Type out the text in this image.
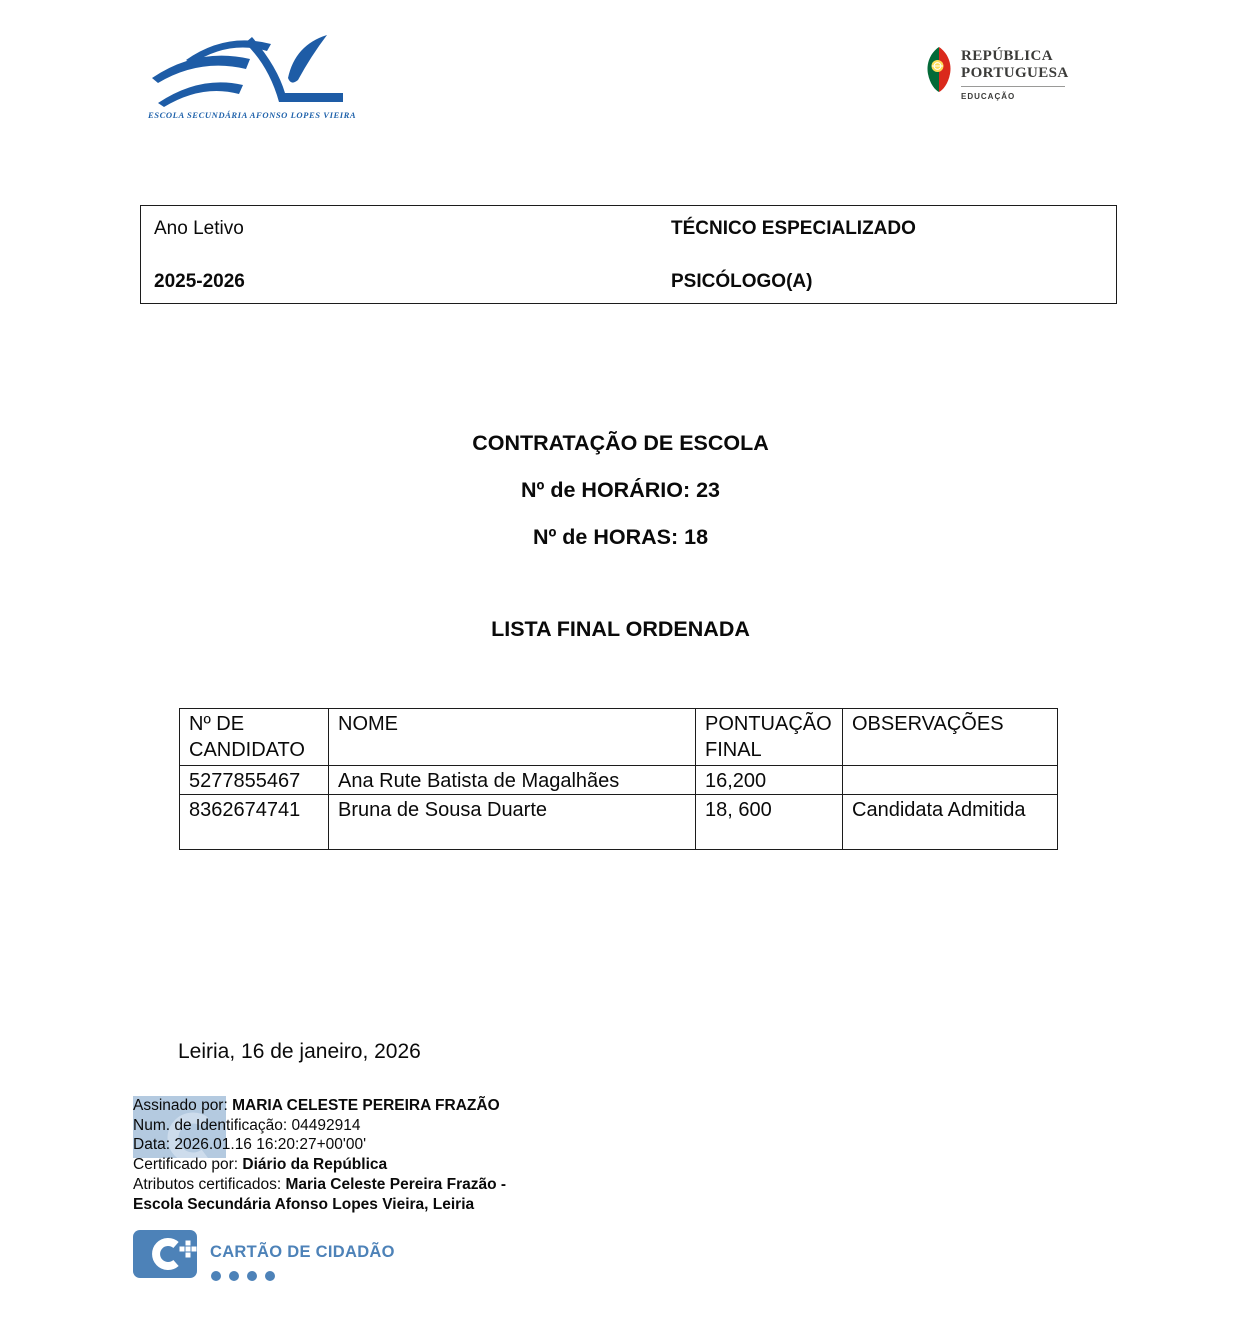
ESCOLA SECUNDÁRIA AFONSO LOPES VIEIRA
REPÚBLICA
PORTUGUESA
EDUCAÇÃO
Ano Letivo	TÉCNICO ESPECIALIZADO
2025-2026	PSICÓLOGO(A)
CONTRATAÇÃO DE ESCOLA
Nº de HORÁRIO: 23
Nº de HORAS: 18
LISTA FINAL ORDENADA
Nº DE CANDIDATO	NOME	PONTUAÇÃO FINAL	OBSERVAÇÕES
5277855467	Ana Rute Batista de Magalhães	16,200	
8362674741	Bruna de Sousa Duarte	18, 600	Candidata Admitida
Leiria, 16 de janeiro, 2026
Assinado por: MARIA CELESTE PEREIRA FRAZÃO
Num. de Identificação: 04492914
Data: 2026.01.16 16:20:27+00'00'
Certificado por: Diário da República
Atributos certificados: Maria Celeste Pereira Frazão -
Escola Secundária Afonso Lopes Vieira, Leiria
CARTÃO DE CIDADÃO
